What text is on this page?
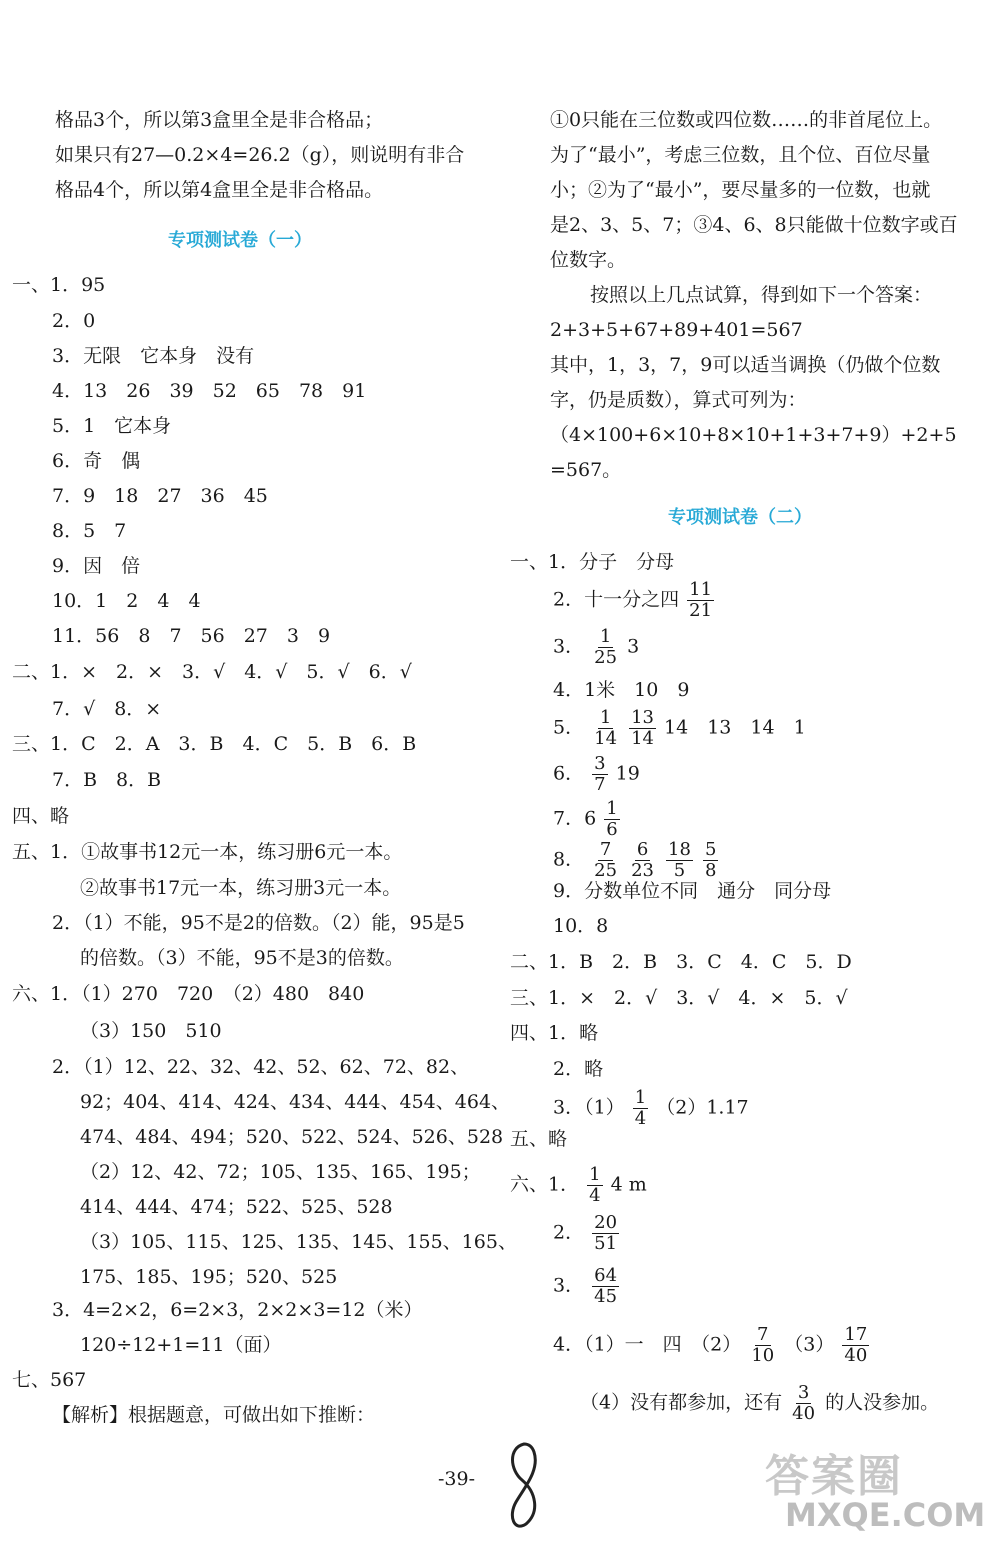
格品3个，所以第3盒里全是非合格品；
如果只有27—0.2×4=26.2（g），则说明有非合
格品4个，所以第4盒里全是非合格品。
专项测试卷（一）
一、1．95
2．0
3．无限　它本身　没有
4．13　26　39　52　65　78　91
5．1　它本身
6．奇　偶
7．9　18　27　36　45
8．5　7
9．因　倍
10．1　2　4　4
11．56　8　7　56　27　3　9
二、1．×　2．×　3．√　4．√　5．√　6．√
7．√　8．×
三、1．C　2．A　3．B　4．C　5．B　6．B
7．B　8．B
四、略
五、1．①故事书12元一本，练习册6元一本。
②故事书17元一本，练习册3元一本。
2．（1）不能，95不是2的倍数。（2）能，95是5
的倍数。（3）不能，95不是3的倍数。
六、1．（1）270　720　（2）480　840
（3）150　510
2．（1）12、22、32、42、52、62、72、82、
92；404、414、424、434、444、454、464、
474、484、494；520、522、524、526、528
（2）12、42、72；105、135、165、195；
414、444、474；522、525、528
（3）105、115、125、135、145、155、165、
175、185、195；520、525
3．4=2×2，6=2×3，2×2×3=12（米）
120÷12+1=11（面）
七、567
【解析】根据题意，可做出如下推断：
①0只能在三位数或四位数……的非首尾位上。
为了“最小”，考虑三位数，且个位、百位尽量
小；②为了“最小”，要尽量多的一位数，也就
是2、3、5、7；③4、6、8只能做十位数字或百
位数字。
按照以上几点试算，得到如下一个答案：
2+3+5+67+89+401=567
其中，1，3，7，9可以适当调换（仍做个位数
字，仍是质数），算式可列为：
（4×100+6×10+8×10+1+3+7+9）+2+5
=567。
专项测试卷（二）
一、1．分子　分母
2．十一分之四 $\frac{11}{21}$
3． $\frac{1}{25} 3$
4．1米　10　9
5． $\frac{1}{14}$
$\frac{13}{14} 14$　13　14　1
6． $\frac{3}{7} 19$
7．$6 \frac{1}{6}$
8． $\frac{7}{25}$
$\frac{6}{23}$
$\frac{18}{5}$
$\frac{5}{8}$
9．分数单位不同　通分　同分母
10．8
二、1．B　2．B　3．C　4．C　5．D
三、1．×　2．√　3．√　4．×　5．√
四、1．略
2．略
3．$(1) \frac{1}{4} (2)1.17$
五、略
六、1． $\frac{1}{4} 4$ m
2． $\frac{20}{51}$
3． $\frac{64}{45}$
4．（1）一　四　$(2) \frac{7}{10} (3) \frac{17}{40}$
（4）没有都参加，还有 $\frac{3}{40}$ 的人没参加。
-39-	答案圈
MXQE.COM
